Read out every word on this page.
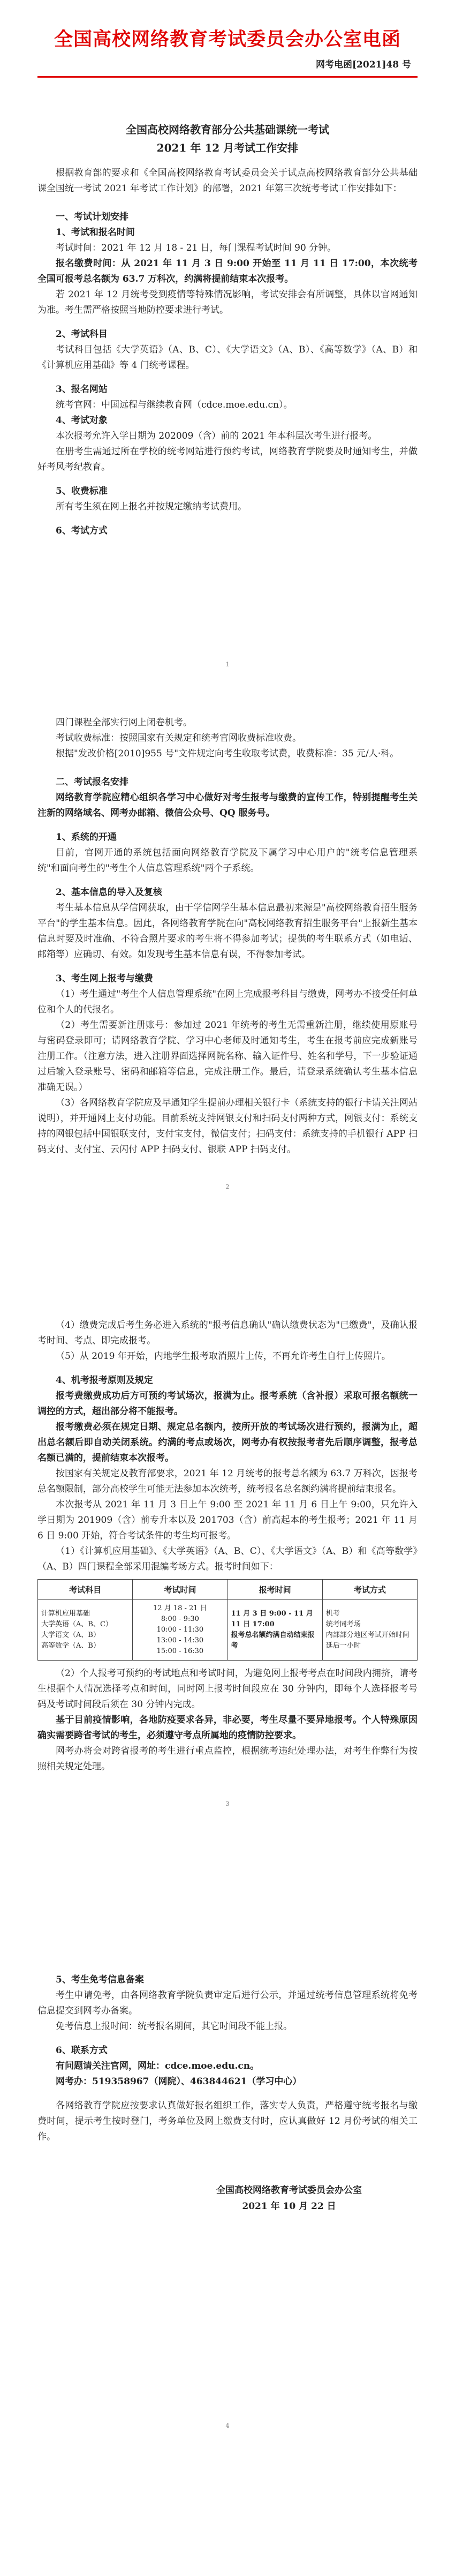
全国高校网络教育考试委员会办公室电函
网考电函[2021]48 号
全国高校网络教育部分公共基础课统一考试
2021 年 12 月考试工作安排

根据教育部的要求和《全国高校网络教育考试委员会关于试点高校网络教育部分公共基础课全国统一考试 2021 年考试工作计划》的部署，2021 年第三次统考考试工作安排如下：

一、考试计划安排

1、考试和报名时间

考试时间：2021 年 12 月 18 - 21 日，每门课程考试时间 90 分钟。

报名缴费时间：从 2021 年 11 月 3 日 9:00 开始至 11 月 11 日 17:00，本次统考全国可报考总名额为 63.7 万科次，约满将提前结束本次报考。

若 2021 年 12 月统考受到疫情等特殊情况影响，考试安排会有所调整，具体以官网通知为准。考生需严格按照当地防控要求进行考试。

2、考试科目

考试科目包括《大学英语》（A、B、C）、《大学语文》（A、B）、《高等数学》（A、B）和《计算机应用基础》等 4 门统考课程。

3、报名网站

统考官网：中国远程与继续教育网（cdce.moe.edu.cn）。

4、考试对象

本次报考允许入学日期为 202009（含）前的 2021 年本科层次考生进行报考。

在册考生需通过所在学校的统考网站进行预约考试，网络教育学院要及时通知考生，并做好考风考纪教育。

5、收费标准

所有考生须在网上报名并按规定缴纳考试费用。

6、考试方式

1

四门课程全部实行网上闭卷机考。

考试收费标准：按照国家有关规定和统考官网收费标准收费。

根据"发改价格[2010]955 号"文件规定向考生收取考试费，收费标准：35 元/人·科。

二、考试报名安排

网络教育学院应精心组织各学习中心做好对考生报考与缴费的宣传工作，特别提醒考生关注新的网络域名、网考办邮箱、微信公众号、QQ 服务号。

1、系统的开通

目前，官网开通的系统包括面向网络教育学院及下属学习中心用户的"统考信息管理系统"和面向考生的"考生个人信息管理系统"两个子系统。

2、基本信息的导入及复核

考生基本信息从学信网获取，由于学信网学生基本信息最初来源是"高校网络教育招生服务平台"的学生基本信息。因此，各网络教育学院在向"高校网络教育招生服务平台"上报新生基本信息时要及时准确、不符合照片要求的考生将不得参加考试；提供的考生联系方式（如电话、邮箱等）应确切、有效。如发现考生基本信息有误，不得参加考试。

3、考生网上报考与缴费

（1）考生通过"考生个人信息管理系统"在网上完成报考科目与缴费，网考办不接受任何单位和个人的代报名。

（2）考生需要新注册账号：参加过 2021 年统考的考生无需重新注册，继续使用原账号与密码登录即可；请网络教育学院、学习中心老师及时通知考生，考生在报考前应完成新账号注册工作。（注意方法，进入注册界面选择网院名称、输入证件号、姓名和学号，下一步验证通过后输入登录账号、密码和邮箱等信息，完成注册工作。最后，请登录系统确认考生基本信息准确无误。）

（3）各网络教育学院应及早通知学生提前办理相关银行卡（系统支持的银行卡请关注网站说明），并开通网上支付功能。目前系统支持网银支付和扫码支付两种方式，网银支付：系统支持的网银包括中国银联支付，支付宝支付，微信支付；扫码支付：系统支持的手机银行 APP 扫码支付、支付宝、云闪付 APP 扫码支付、银联 APP 扫码支付。

2

（4）缴费完成后考生务必进入系统的"报考信息确认"确认缴费状态为"已缴费"，及确认报考时间、考点、即完成报考。

（5）从 2019 年开始，内地学生报考取消照片上传，不再允许考生自行上传照片。

4、机考报考原则及规定

报考费缴费成功后方可预约考试场次，报满为止。报考系统（含补报）采取可报名额统一调控的方式，超出部分将不能报考。

报考缴费必须在规定日期、规定总名额内，按所开放的考试场次进行预约，报满为止，超出总名额后即自动关闭系统。约满的考点或场次，网考办有权按报考者先后顺序调整，报考总名额已满的，提前结束本次报考。

按国家有关规定及教育部要求，2021 年 12 月统考的报考总名额为 63.7 万科次，因报考总名额限制，部分高校学生可能无法参加本次统考，统考报名总名额约满将提前结束报名。

本次报考从 2021 年 11 月 3 日上午 9:00 至 2021 年 11 月 6 日上午 9:00，只允许入学日期为 201909（含）前专升本以及 201703（含）前高起本的考生报考；2021 年 11 月 6 日 9:00 开始，符合考试条件的考生均可报考。

（1）《计算机应用基础》、《大学英语》（A、B、C）、《大学语文》（A、B）和《高等数学》（A、B）四门课程全部采用混编考场方式。报考时间如下：

考试科目	考试时间	报考时间	考试方式
计算机应用基础
大学英语（A、B、C）
大学语文（A、B）
高等数学（A、B）	12 月 18 - 21 日
8:00 - 9:30
10:00 - 11:30
13:00 - 14:30
15:00 - 16:30	11 月 3 日 9:00 - 11 月 11 日 17:00
报考总名额约满自动结束报考	机考
统考同考场
内部部分地区考试开始时间延后一小时

（2）个人报考可预约的考试地点和考试时间，为避免网上报考考点在时间段内拥挤，请考生根据个人情况选择考点和时间，同时网上报考时间段应在 30 分钟内，即每个人选择报考号码及考试时间段后须在 30 分钟内完成。

基于目前疫情影响，各地防疫要求各异，非必要，考生尽量不要异地报考。个人特殊原因确实需要跨省考试的考生，必须遵守考点所属地的疫情防控要求。

网考办将会对跨省报考的考生进行重点监控，根据统考违纪处理办法，对考生作弊行为按照相关规定处理。

3

5、考生免考信息备案

考生申请免考，由各网络教育学院负责审定后进行公示，并通过统考信息管理系统将免考信息提交到网考办备案。

免考信息上报时间：统考报名期间，其它时间段不能上报。

6、联系方式

有问题请关注官网，网址：cdce.moe.edu.cn。

网考办：519358967（网院）、463844621（学习中心）

各网络教育学院应按要求认真做好报名组织工作，落实专人负责，严格遵守统考报名与缴费时间，提示考生按时登门，考务单位及网上缴费支付时，应认真做好 12 月份考试的相关工作。

全国高校网络教育考试委员会办公室
2021 年 10 月 22 日
4
